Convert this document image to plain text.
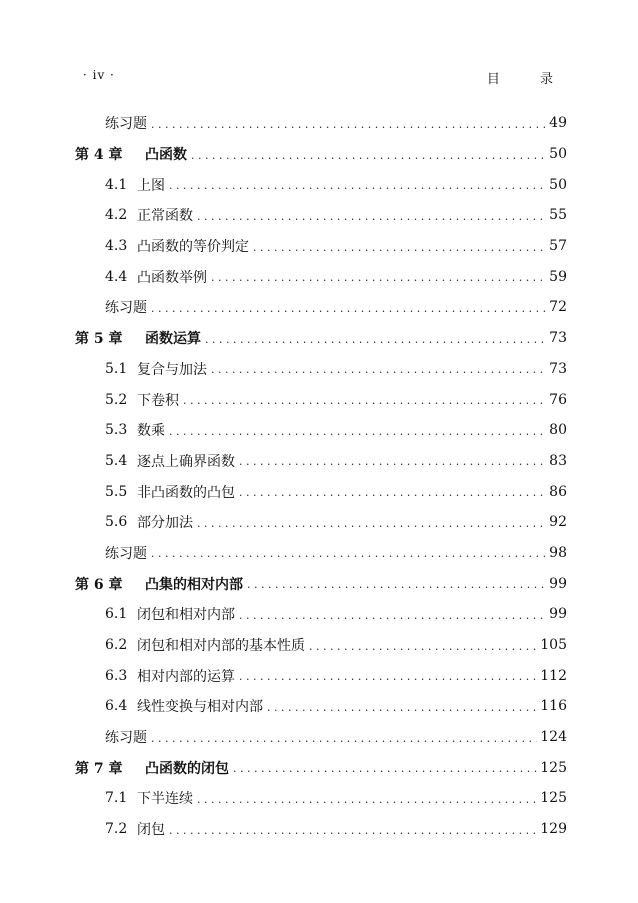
· iv ·	目 录
练习题 . . .	49
第 4 章	凸函数 . . .	50
4.1 上图 . . .	50
4.2 正常函数 . . .	55
4.3 凸函数的等价判定 . . .	57
4.4 凸函数举例 . . .	59
练习题 . . .	72
第 5 章	函数运算 . . .	73
5.1 复合与加法 . . .	73
5.2 下卷积 . . .	76
5.3 数乘 . . .	80
5.4 逐点上确界函数 . . .	83
5.5 非凸函数的凸包 . . .	86
5.6 部分加法 . . .	92
练习题 . . .	98
第 6 章	凸集的相对内部 . . .	99
6.1 闭包和相对内部 . . .	99
6.2 闭包和相对内部的基本性质 . . .	105
6.3 相对内部的运算 . . .	112
6.4 线性变换与相对内部 . . .	116
练习题 . . .	124
第 7 章	凸函数的闭包 . . .	125
7.1 下半连续 . . .	125
7.2 闭包 . . .	129
